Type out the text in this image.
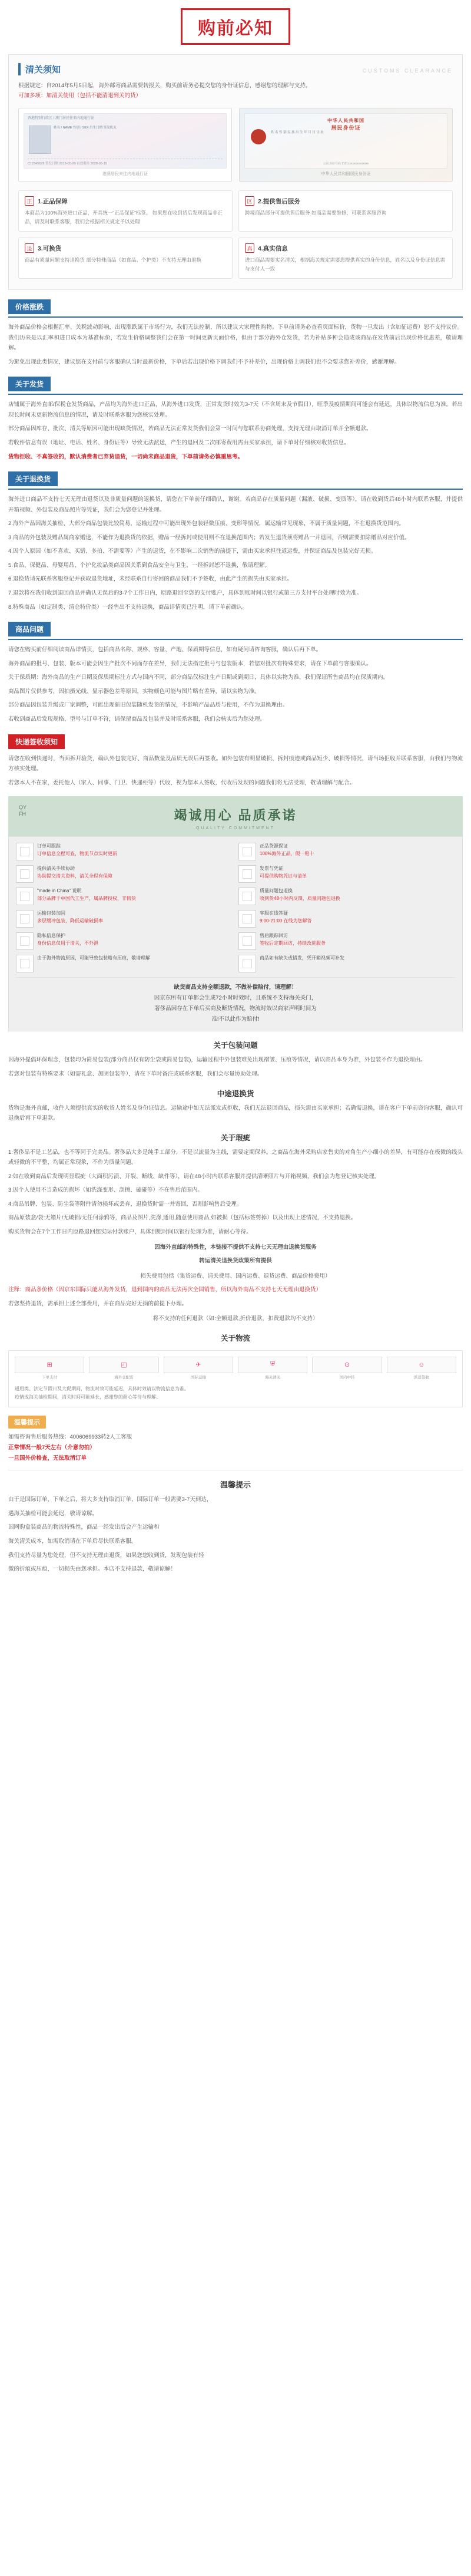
购前必知
清关须知	CUSTOMS CLEARANCE
根据规定：自2014年5月5日起，海外邮寄商品需要转报关，购买前请务必提交您的身份证信息，感谢您的理解与支持。
可加多项：加清关使用（包括不能清退到关的货）
香港特别行政区 / 澳门居民往来内地通行证
姓名 / NAME 性别 / SEX 出生日期 签发机关
C12345678 签发日期 2018-05-20 有效期至 2028-05-19
港澳居民来往内地通行证
中华人民共和国
居民身份证
姓 名 性 别 民 族 出 生 年 月 日 住 址
公民身份号码 1101xxxxxxxxxxxxxx
中华人民共和国居民身份证
正 1.正品保障
本商品为100%海外进口正品，开具统一“正品保证”标签。 如果您在收到货后发现商品非正品，请及时联系客服，我们会根据相关规定予以处理
区 2.提供售后服务
跨境商品部分可提供售后服务 如商品需要维修，可联系客服咨询
退 3.可换货
商品有质量问题支持退换货 部分特殊商品（如食品、个护类）不支持无理由退换
真 4.真实信息
进口商品需要实名清关，根据海关规定需要您提供真实的身份信息，姓名以及身份证信息需与支付人一致
价格涨跌

海外商品价格会根据汇率、关税波动影响，出现涨跌属于市场行为，我们无法控制，所以建议大家理性购物。下单前请务必查看页面标价，货物一旦发出（含加征运费）恕不支持议价。我们历来是以汇率和进口成本为基准标价，若发生价格调整我们会在第一时间更新页面价格，但由于部分海外仓发货，若为补贴多种会造成该商品在发货前后出现价格优惠差，敬请理解。

为避免出现此类情况，建议您在支付前与客服确认当时最新价格，下单后若出现价格下调我们不予补差价，出现价格上调我们也不会要求您补差价，感谢理解。

关于发货

店铺属于海外直邮/保税仓发货商品，产品均为海外进口正品，从海外进口发货，正常发货时效为3-7天（不含周末及节假日），旺季及疫情期间可能会有延迟，具体以物流信息为准。若出现长时间未更新物流信息的情况，请及时联系客服为您核实处理。

部分商品因库存、批次、清关等原因可能出现缺货情况，若商品无法正常发货我们会第一时间与您联系协商处理，支持无理由取消订单并全额退款。

若收件信息有误（地址、电话、姓名、身份证等）导致无法派送，产生的退回及二次邮寄费用需由买家承担，请下单时仔细核对收货信息。

货物拒收、不真签收的，默认消费者已弃货退货，一切尚未商品退货，下单前请务必慎重思考。

关于退换货

海外进口商品不支持七天无理由退货以及非质量问题的退换货，请您在下单前仔细确认，谢谢。若商品存在质量问题（漏液、破损、变质等），请在收到货后48小时内联系客服，并提供开箱视频、外包装及商品照片等凭证，我们会为您登记并处理。

2.海外产品因海关抽检、大部分商品包装比较简易，运输过程中可能出现外包装轻微压痕、变形等情况，属运输常见现象，不属于质量问题，不在退换货范围内。

3.商品的外包装及赠品属商家赠送，不能作为退换货的依据，赠品一经拆封或使用则不在退换范围内；若发生退货须将赠品一并退回，否则需要扣除赠品对应价值。

4.因个人原因（如不喜欢、买错、多拍、不需要等）产生的退货，在不影响二次销售的前提下，需由买家承担往返运费，并保证商品及包装完好无损。

5.食品、保健品、母婴用品、个护化妆品类商品因关系到食品安全与卫生，一经拆封恕不退换，敬请理解。

6.退换货请先联系客服登记并获取退货地址，未经联系自行寄回的商品我们不予签收，由此产生的损失由买家承担。

7.退款将在我们收到退回商品并确认无误后的3-7个工作日内，原路退回至您的支付账户，具体到账时间以银行或第三方支付平台处理时效为准。

8.特殊商品（如定制类、清仓特价类）一经售出不支持退换，商品详情页已注明，请下单前确认。

商品问题

请您在购买前仔细阅读商品详情页，包括商品名称、规格、容量、产地、保质期等信息，如有疑问请咨询客服，确认后再下单。

海外商品的批号、包装、版本可能会因生产批次不同而存在差异，我们无法指定批号与包装版本，若您对批次有特殊要求，请在下单前与客服确认。

关于保质期：海外商品的生产日期及保质期标注方式与国内不同，部分商品仅标注生产日期或到期日，具体以实物为准，我们保证所售商品均在保质期内。

商品图片仅供参考，因拍摄光线、显示器色差等原因，实物颜色可能与图片略有差异，请以实物为准。

部分商品因包装升级或厂家调整，可能出现新旧包装随机发货的情况，不影响产品品质与使用，不作为退换理由。

若收到商品后发现规格、型号与订单不符，请保留商品及包装并及时联系客服，我们会核实后为您处理。

快递签收须知

请您在收到快递时，当面拆开验货，确认外包装完好、商品数量及品质无误后再签收。如外包装有明显破损、拆封痕迹或商品短少、破损等情况，请当场拒收并联系客服，由我们与物流方核实处理。

若您本人不在家，委托他人（家人、同事、门卫、快递柜等）代收，视为您本人签收，代收后发现的问题我们将无法受理，敬请理解与配合。

QY
FH	竭诚用心 品质承诺
QUALITY COMMITMENT
订单可跟踪
订单信息全程可查，物流节点实时更新
正品货源保证
100%海外正品，假一赔十
提供清关手续协助
协助提交清关资料，清关全程有保障
发票与凭证
可提供购物凭证与清单
"made in China" 说明
部分品牌于中国代工生产，属品牌授权，非假货
质量问题包退换
收到货48小时内反馈，质量问题包退换
运输包装加固
多层缓冲包装，降低运输破损率
客服在线答疑
9:00-21:00 在线为您解答
隐私信息保护
身份信息仅用于清关，不外泄
售后跟踪回访
签收后定期回访，持续改进服务
由于海外物流原因，可能导致包装略有压痕，敬请理解	商品如有缺失或错发，凭开箱视频可补发
缺货商品支持全额退款，不做补偿赔付，请理解！
因京东所有订单都会生成72小时时效时，且系统不支持海关关门，
奢侈品因存在下单后买商及断货情况，物流时效以商家声明时间为
准!不以此作为赔付!
关于包装问题

因海外提倡环保理念，包装均为简易包装(部分商品仅有防尘袋或简易包装)，运输过程中外包装难免出现褶皱、压痕等情况，请以商品本身为准，外包装不作为退换理由。

若您对包装有特殊要求（如需礼盒、加固包装等），请在下单时备注或联系客服，我们会尽量协助处理。

中途退换货

货物是海外直邮，收件人须提供真实的收货人姓名及身份证信息。运输途中如无法派发或拒收，我们无法退回商品，损失需由买家承担；若确需退换，请在客户下单前咨询客服，确认可退换后再下单退款。

关于瑕疵

1:奢侈品不是工艺品，也不等同于完美品。奢侈品大多是纯手工部分，不是以流量为主线，需要定期保养。之商品在海外采购店家售卖的对角生产小细小的差异，有可能存在极微的线头或轻微的不平整，均属正常现象，不作为质量问题。

2:如在收到商品后发现明显瑕疵（大面积污渍、开裂、断线、缺件等），请在48小时内联系客服并提供清晰照片与开箱视频，我们会为您登记核实处理。

3:因个人使用不当造成的损坏（如洗涤变形、刮擦、磕碰等）不在售后范围内。

4:商品吊牌、包装、防尘袋等附件请勿损坏或丢弃，退换货时需一并寄回，否则影响售后受理。

商品原装盒/袋:无箱片/无破损/无任何涂鸦等，商品及图片,洗涤,通用,随意使用商品,如被损（包括标签剪掉）以及出现上述情况，不支持退换。

购买货物会在7个工作日内原路退回您实际付款账户，具体到账时间以银行处理为准，请耐心等待。

因海外直邮的特殊性，本链接不提供不支持七天无理由退换货服务

转运清关退换货政策所有提供

损失费用包括（集货运费、清关费用、国内运费、退货运费、商品价格费用）

注释：商品条价格（因京东国际只能从海外发货，退到国内的商品无法再次全国销售，所以海外商品不支持七天无理由退换货）

若您坚持退货，需承担上述全部费用，并在商品完好无损的前提下办理。

将不支持的任何退款（如:全额退款,折价退款，扣费退款均不支持）

关于物流
⊞
下单支付
◰
海外仓配货
✈
国际运输
⛨
海关清关
⊙
国内中转
☺
派送签收
通用类、法定节假日及大促期间，物流时效可能延迟，具体时效请以物流信息为准。
疫情或海关抽检期间，清关时间可能延长，感谢您的耐心等待与理解。
温馨提示
如需咨询售后服务热线：4006069933转2人工客服
正常情况一般7天左右（介意勿拍）
一旦国外价格查，无法取消订单
温馨提示

由于是国际订单，下单之后，将大多支持取消订单，国际订单一般需要3-7天到达，

遇海关抽检可能会延迟，敬请谅解。

因网购盒装商品的物流特殊性，商品一经发出后会产生运输和

海关清关成本，如需取消请在下单后尽快联系客服。

我们支持尽量为您处理，但不支持无理由退货，如果您您收到货，发现包装有轻

微的折痕或压痕，一切损失由您承担。本店不支持退款，敬请谅解！
